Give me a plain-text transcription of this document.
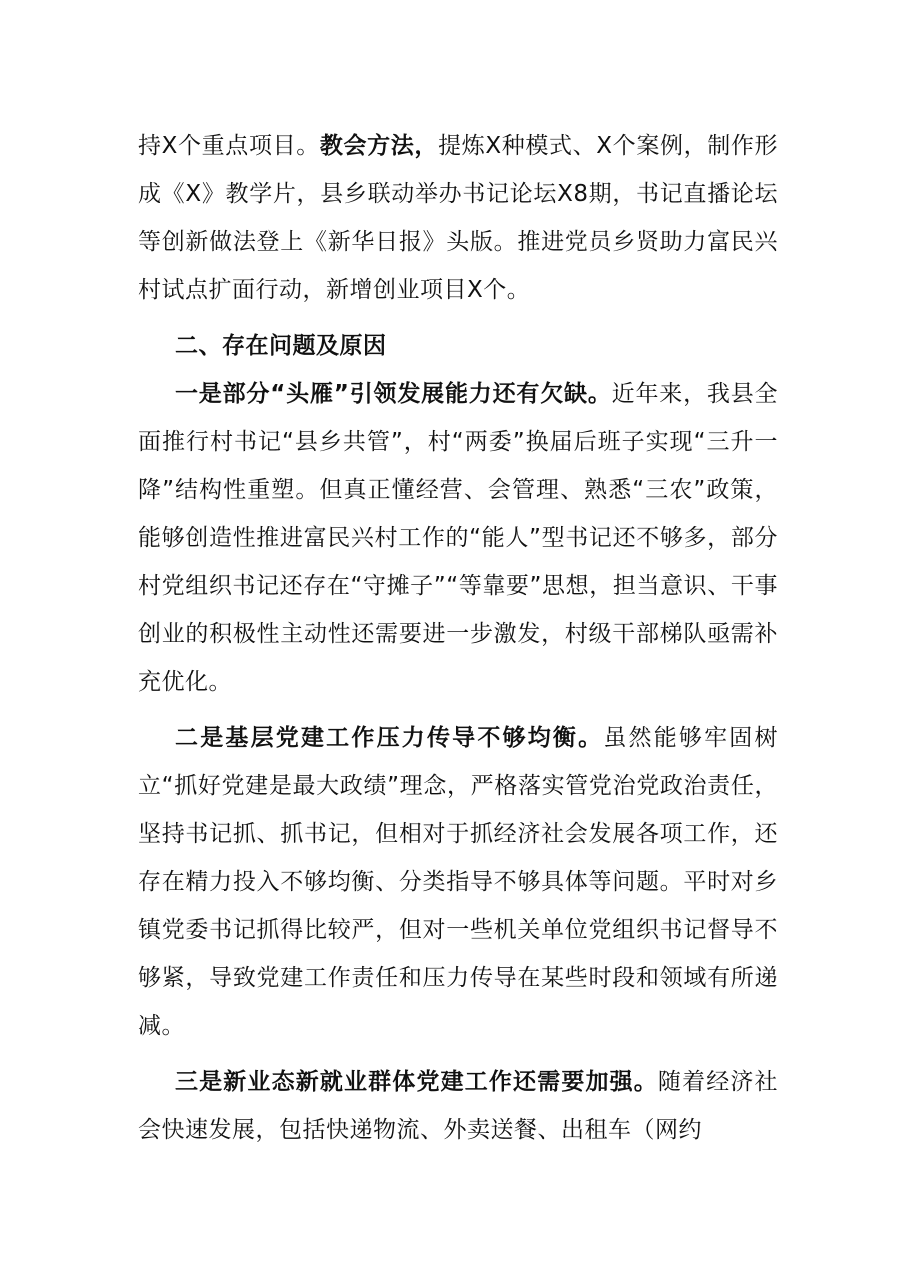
持X个重点项目。教会方法，提炼X种模式、X个案例，制作形成《X》教学片，县乡联动举办书记论坛X8期，书记直播论坛等创新做法登上《新华日报》头版。推进党员乡贤助力富民兴村试点扩面行动，新增创业项目X个。

二、存在问题及原因

一是部分“头雁”引领发展能力还有欠缺。近年来，我县全面推行村书记“县乡共管”，村“两委”换届后班子实现“三升一降”结构性重塑。但真正懂经营、会管理、熟悉“三农”政策，能够创造性推进富民兴村工作的“能人”型书记还不够多，部分村党组织书记还存在“守摊子”“等靠要”思想，担当意识、干事创业的积极性主动性还需要进一步激发，村级干部梯队亟需补充优化。

二是基层党建工作压力传导不够均衡。虽然能够牢固树立“抓好党建是最大政绩”理念，严格落实管党治党政治责任，坚持书记抓、抓书记，但相对于抓经济社会发展各项工作，还存在精力投入不够均衡、分类指导不够具体等问题。平时对乡镇党委书记抓得比较严，但对一些机关单位党组织书记督导不够紧，导致党建工作责任和压力传导在某些时段和领域有所递减。

三是新业态新就业群体党建工作还需要加强。随着经济社会快速发展，包括快递物流、外卖送餐、出租车（网约
